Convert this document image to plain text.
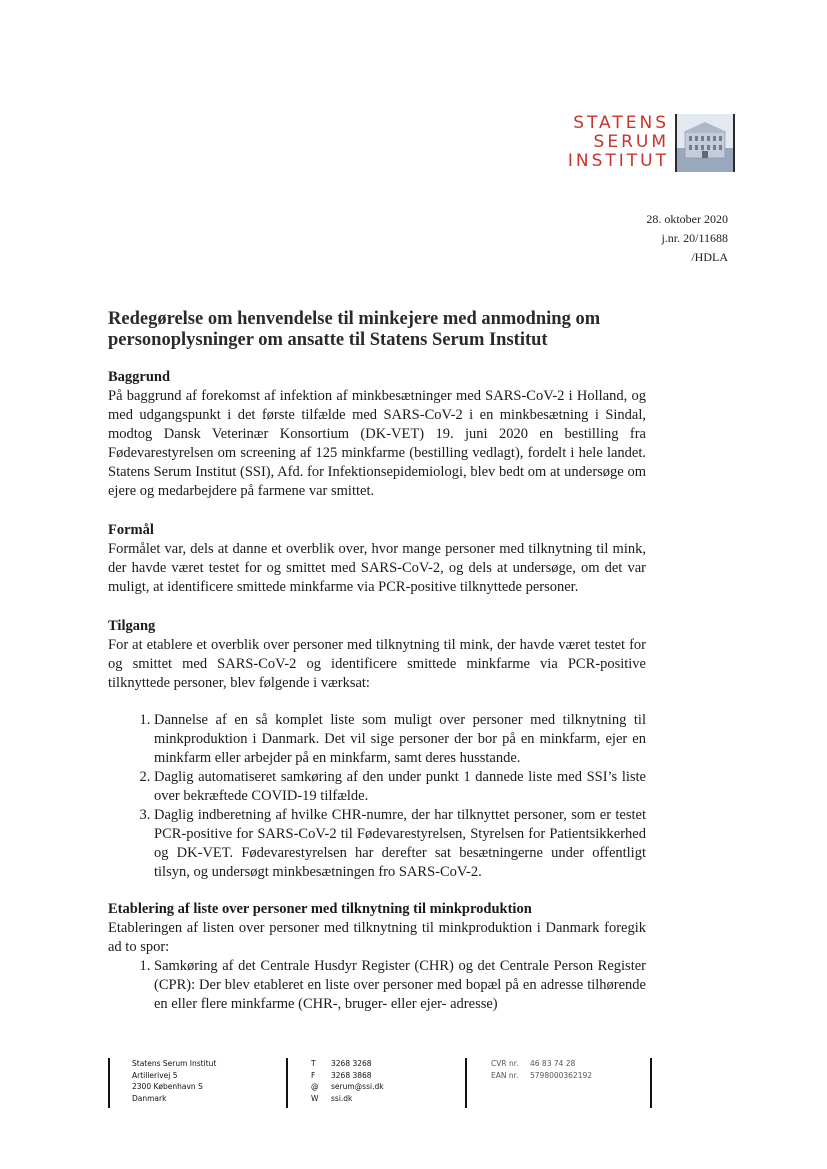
STATENS
SERUM
INSTITUT
28. oktober 2020
j.nr. 20/11688
/HDLA
Redegørelse om henvendelse til minkejere med anmodning om personoplysninger om ansatte til Statens Serum Institut
Baggrund

På baggrund af forekomst af infektion af minkbesætninger med SARS-CoV-2 i Holland, og med udgangspunkt i det første tilfælde med SARS-CoV-2 i en minkbesætning i Sindal, modtog Dansk Veterinær Konsortium (DK-VET) 19. juni 2020 en bestilling fra Fødevarestyrelsen om screening af 125 minkfarme (bestilling vedlagt), fordelt i hele landet. Statens Serum Institut (SSI), Afd. for Infektionsepidemiologi, blev bedt om at undersøge om ejere og medarbejdere på farmene var smittet.

Formål

Formålet var, dels at danne et overblik over, hvor mange personer med tilknytning til mink, der havde været testet for og smittet med SARS-CoV-2, og dels at undersøge, om det var muligt, at identificere smittede minkfarme via PCR-positive tilknyttede personer.

Tilgang

For at etablere et overblik over personer med tilknytning til mink, der havde været testet for og smittet med SARS-CoV-2 og identificere smittede minkfarme via PCR-positive tilknyttede personer, blev følgende i værksat:

1. Dannelse af en så komplet liste som muligt over personer med tilknytning til minkproduktion i Danmark. Det vil sige personer der bor på en minkfarm, ejer en minkfarm eller arbejder på en minkfarm, samt deres husstande.
2. Daglig automatiseret samkøring af den under punkt 1 dannede liste med SSI’s liste over bekræftede COVID-19 tilfælde.
3. Daglig indberetning af hvilke CHR-numre, der har tilknyttet personer, som er testet PCR-positive for SARS-CoV-2 til Fødevarestyrelsen, Styrelsen for Patientsikkerhed og DK-VET. Fødevarestyrelsen har derefter sat besætningerne under offentligt tilsyn, og undersøgt minkbesætningen fro SARS-CoV-2.
Etablering af liste over personer med tilknytning til minkproduktion

Etableringen af listen over personer med tilknytning til minkproduktion i Danmark foregik ad to spor:

1. Samkøring af det Centrale Husdyr Register (CHR) og det Centrale Person Register (CPR): Der blev etableret en liste over personer med bopæl på en adresse tilhørende en eller flere minkfarme (CHR-, bruger- eller ejer- adresse)
Statens Serum Institut
Artillerivej 5
2300 København S
Danmark
T 3268 3268
F 3268 3868
@ serum@ssi.dk
W ssi.dk
CVR nr. 46 83 74 28
EAN nr. 5798000362192
